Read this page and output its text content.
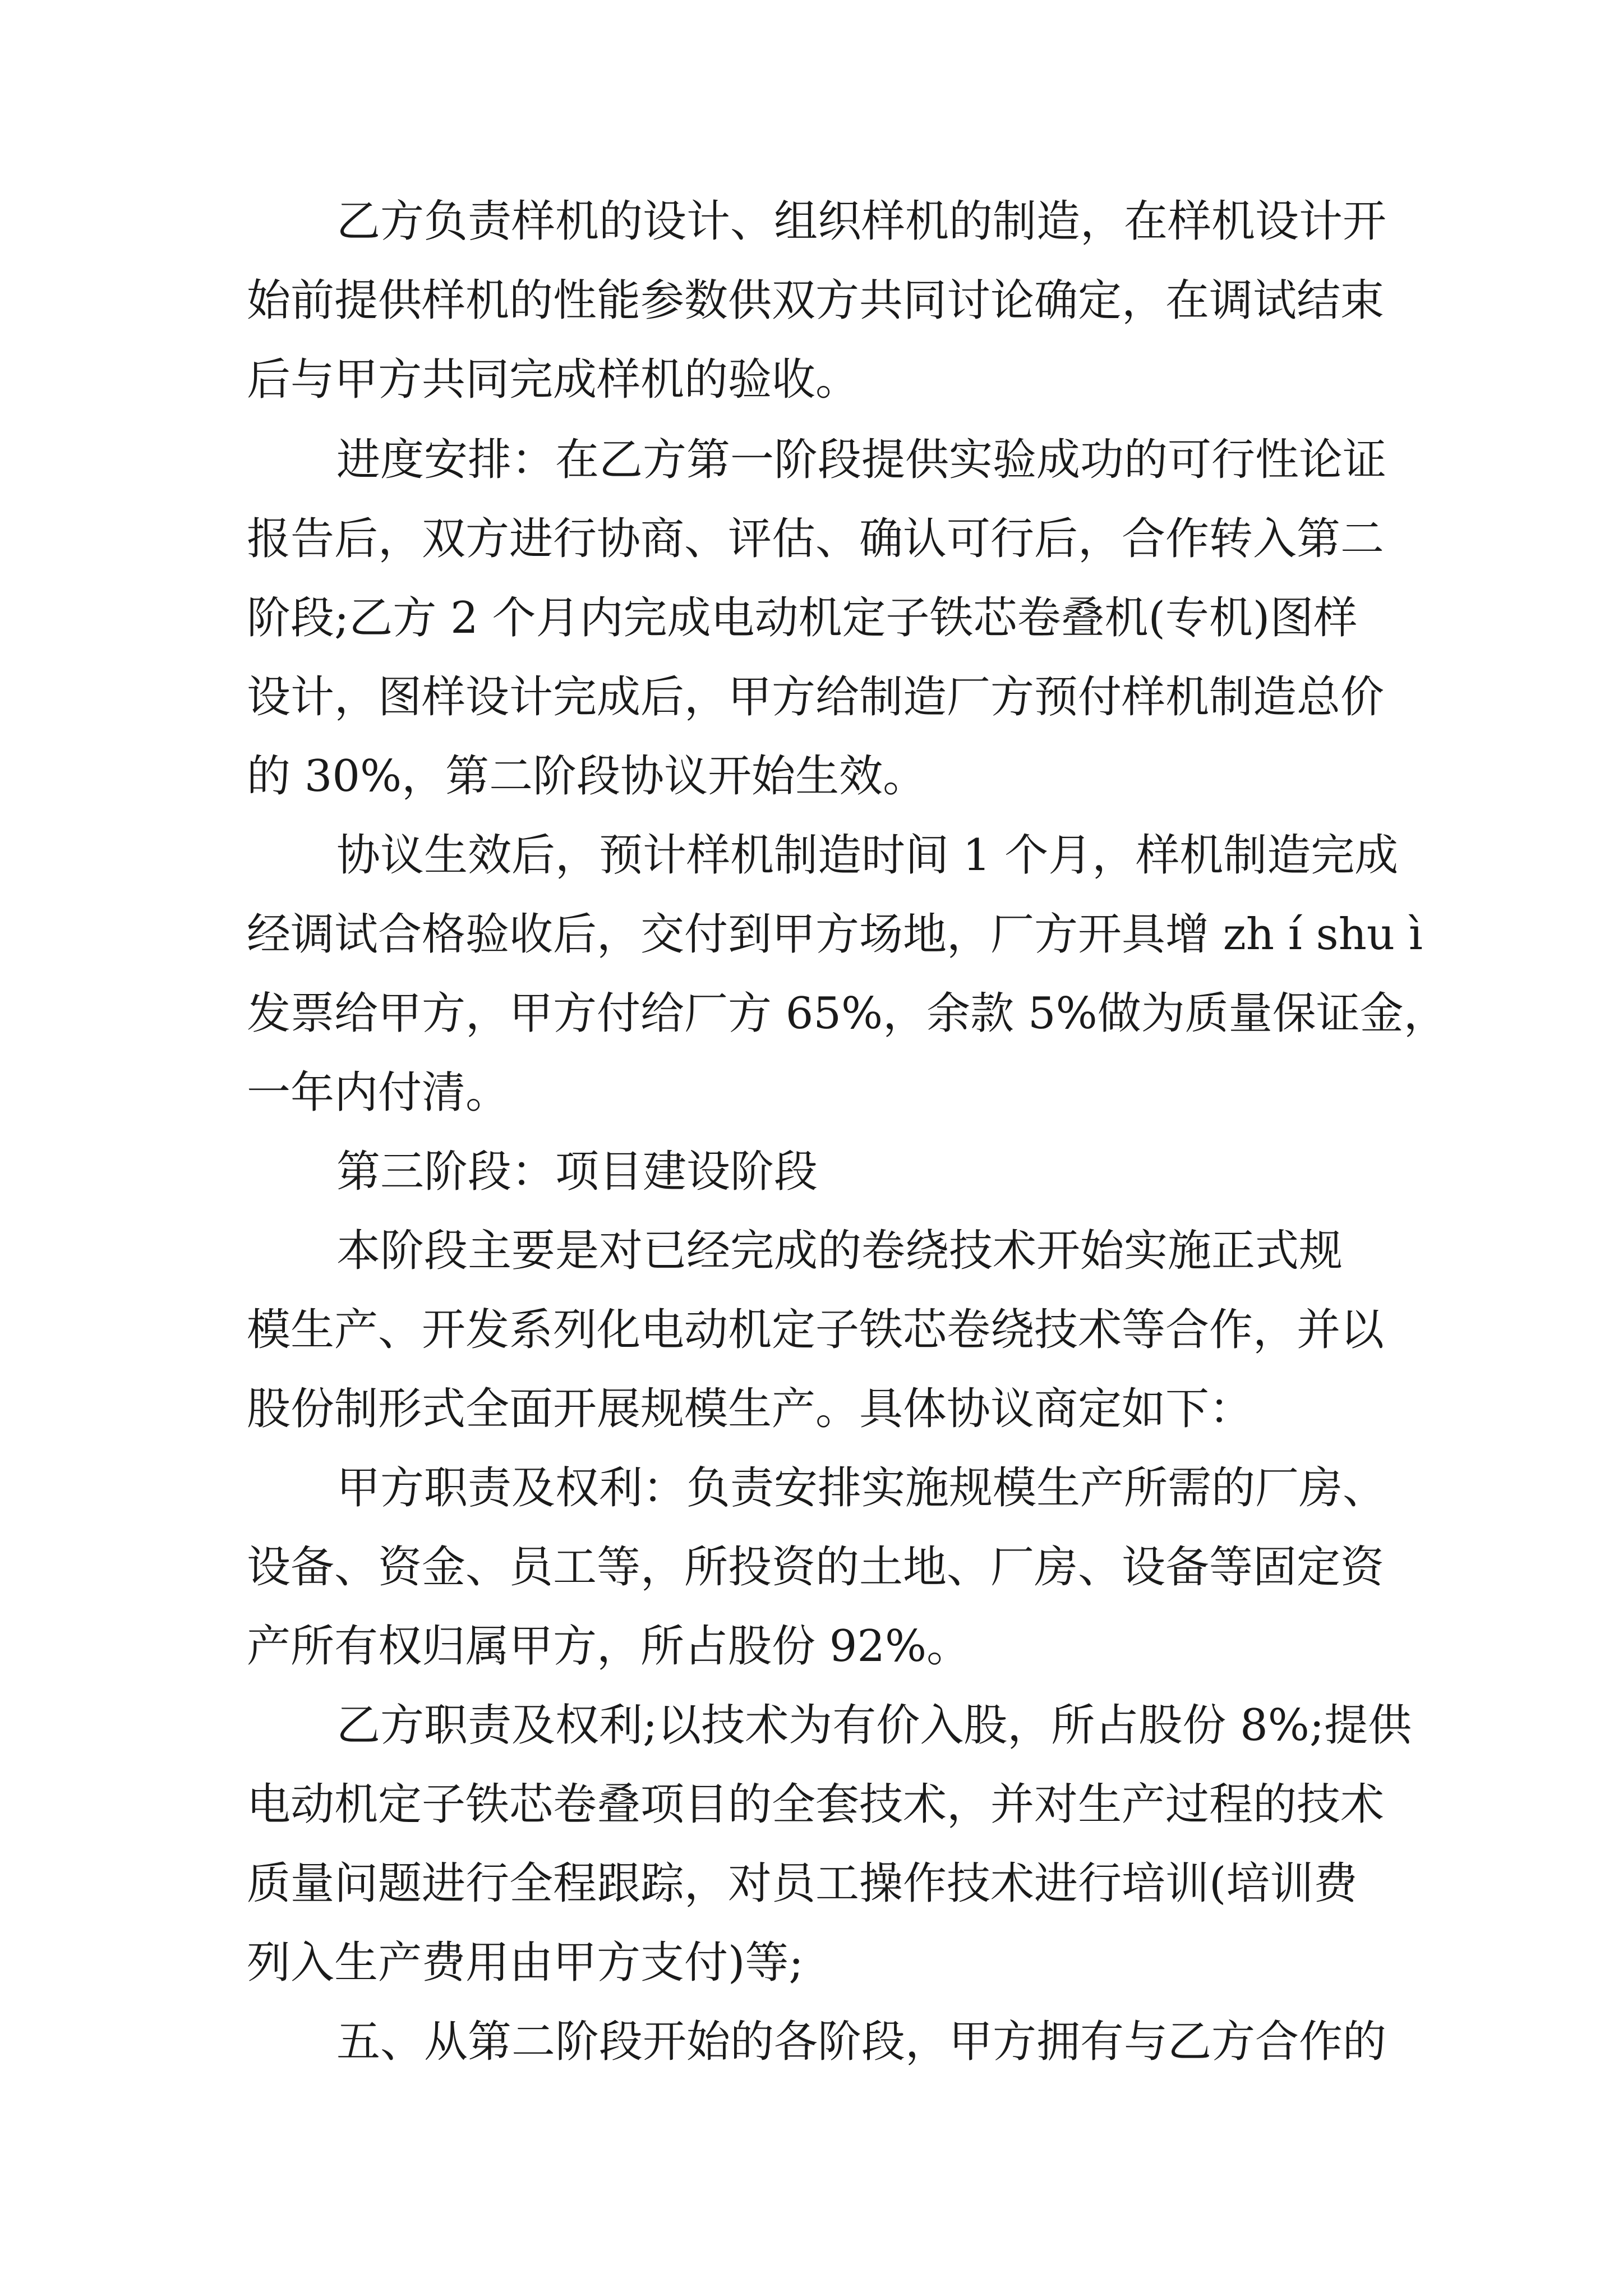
乙方负责样机的设计、组织样机的制造，在样机设计开
始前提供样机的性能参数供双方共同讨论确定，在调试结束
后与甲方共同完成样机的验收。
进度安排：在乙方第一阶段提供实验成功的可行性论证
报告后，双方进行协商、评估、确认可行后，合作转入第二
阶段;乙方 2 个月内完成电动机定子铁芯卷叠机(专机)图样
设计，图样设计完成后，甲方给制造厂方预付样机制造总价
的 30%，第二阶段协议开始生效。
协议生效后，预计样机制造时间 1 个月，样机制造完成
经调试合格验收后，交付到甲方场地，厂方开具增 zh í shu ì
发票给甲方，甲方付给厂方 65%，余款 5%做为质量保证金，
一年内付清。
第三阶段：项目建设阶段
本阶段主要是对已经完成的卷绕技术开始实施正式规
模生产、开发系列化电动机定子铁芯卷绕技术等合作，并以
股份制形式全面开展规模生产。具体协议商定如下：
甲方职责及权利：负责安排实施规模生产所需的厂房、
设备、资金、员工等，所投资的土地、厂房、设备等固定资
产所有权归属甲方，所占股份 92%。
乙方职责及权利;以技术为有价入股，所占股份 8%;提供
电动机定子铁芯卷叠项目的全套技术，并对生产过程的技术
质量问题进行全程跟踪，对员工操作技术进行培训(培训费
列入生产费用由甲方支付)等;
五、从第二阶段开始的各阶段，甲方拥有与乙方合作的
